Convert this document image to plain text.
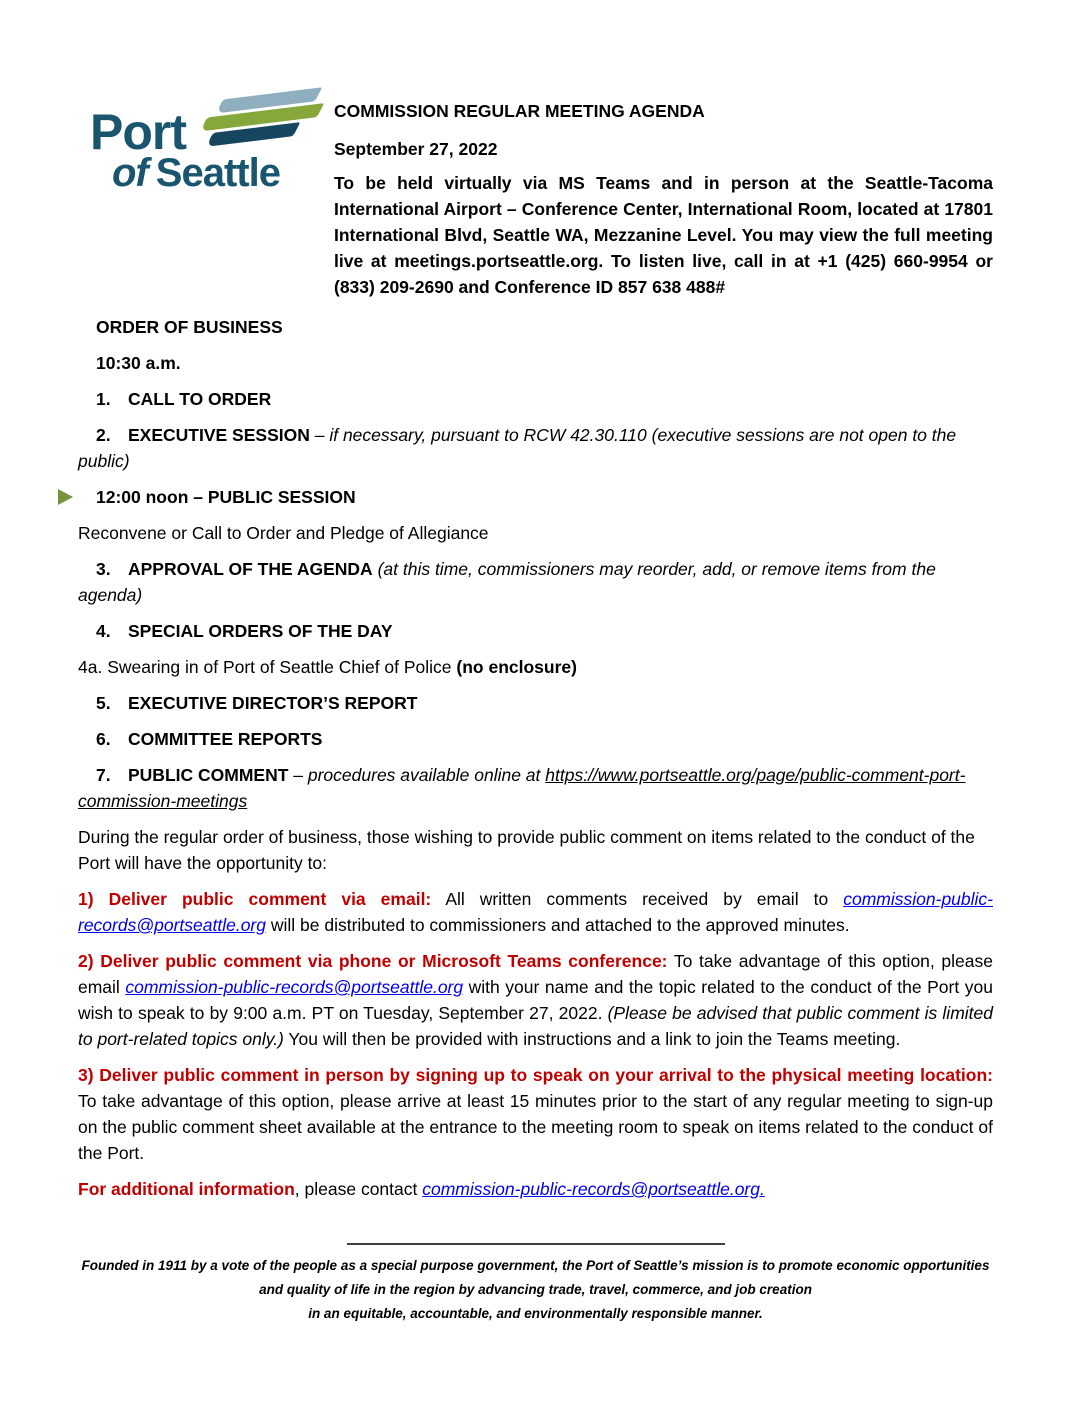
Port
of Seattle
COMMISSION REGULAR MEETING AGENDA
September 27, 2022

To be held virtually via MS Teams and in person at the Seattle-Tacoma International Airport – Conference Center, International Room, located at 17801 International Blvd, Seattle WA, Mezzanine Level. You may view the full meeting live at meetings.portseattle.org. To listen live, call in at +1 (425) 660-9954 or (833) 209-2690 and Conference ID 857 638 488#

ORDER OF BUSINESS

10:30 a.m.

1. CALL TO ORDER

2. EXECUTIVE SESSION – if necessary, pursuant to RCW 42.30.110 (executive sessions are not open to the public)

12:00 noon – PUBLIC SESSION

Reconvene or Call to Order and Pledge of Allegiance

3. APPROVAL OF THE AGENDA (at this time, commissioners may reorder, add, or remove items from the agenda)

4. SPECIAL ORDERS OF THE DAY

4a. Swearing in of Port of Seattle Chief of Police (no enclosure)

5. EXECUTIVE DIRECTOR’S REPORT

6. COMMITTEE REPORTS

7. PUBLIC COMMENT – procedures available online at https://www.portseattle.org/page/public-comment-port-commission-meetings

During the regular order of business, those wishing to provide public comment on items related to the conduct of the Port will have the opportunity to:

1) Deliver public comment via email: All written comments received by email to commission-public-records@portseattle.org will be distributed to commissioners and attached to the approved minutes.

2) Deliver public comment via phone or Microsoft Teams conference: To take advantage of this option, please email commission-public-records@portseattle.org with your name and the topic related to the conduct of the Port you wish to speak to by 9:00 a.m. PT on Tuesday, September 27, 2022. (Please be advised that public comment is limited to port-related topics only.) You will then be provided with instructions and a link to join the Teams meeting.

3) Deliver public comment in person by signing up to speak on your arrival to the physical meeting location: To take advantage of this option, please arrive at least 15 minutes prior to the start of any regular meeting to sign-up on the public comment sheet available at the entrance to the meeting room to speak on items related to the conduct of the Port.

For additional information, please contact commission-public-records@portseattle.org.

Founded in 1911 by a vote of the people as a special purpose government, the Port of Seattle’s mission is to promote economic opportunities
and quality of life in the region by advancing trade, travel, commerce, and job creation
in an equitable, accountable, and environmentally responsible manner.
